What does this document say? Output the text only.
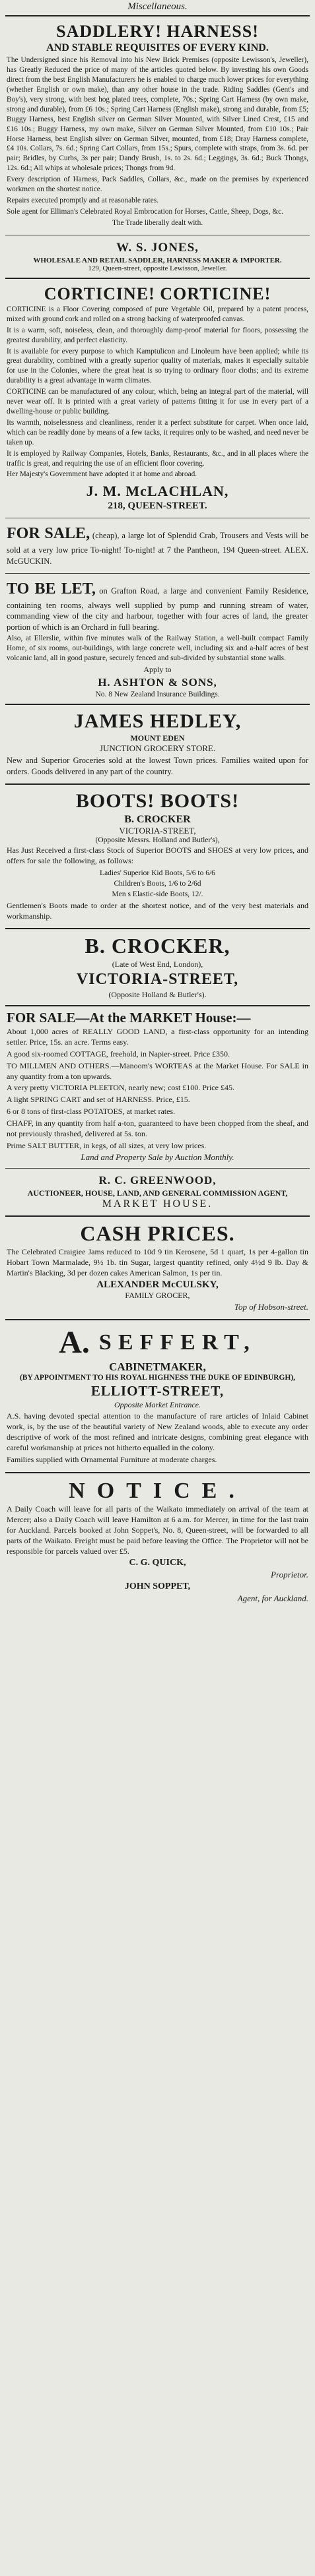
Miscellaneous.
SADDLERY! HARNESS!
AND STABLE REQUISITES OF EVERY KIND.

The Undersigned since his Removal into his New Brick Premises (opposite Lewisson's, Jeweller), has Greatly Reduced the price of many of the articles quoted below. By investing his own Goods direct from the best English Manufacturers he is enabled to charge much lower prices for everything (whether English or own make), than any other house in the trade. Riding Saddles (Gent's and Boy's), very strong, with best hog plated trees, complete, 70s.; Spring Cart Harness (by own make, strong and durable), from £6 10s.; Spring Cart Harness (English make), strong and durable, from £5; Buggy Harness, best English silver on German Silver Mounted, with Silver Lined Crest, £15 and £16 10s.; Buggy Harness, my own make, Silver on German Silver Mounted, from £10 10s.; Pair Horse Harness, best English silver on German Silver, mounted, from £18; Dray Harness complete, £4 10s. Collars, 7s. 6d.; Spring Cart Collars, from 15s.; Spurs, complete with straps, from 3s. 6d. per pair; Bridles, by Curbs, 3s per pair; Dandy Brush, 1s. to 2s. 6d.; Leggings, 3s. 6d.; Buck Thongs, 12s. 6d.; All whips at wholesale prices; Thongs from 9d.

Every description of Harness, Pack Saddles, Collars, &c., made on the premises by experienced workmen on the shortest notice.

Repairs executed promptly and at reasonable rates.

Sole agent for Elliman's Celebrated Royal Embrocation for Horses, Cattle, Sheep, Dogs, &c.

The Trade liberally dealt with.

W. S. JONES,
WHOLESALE AND RETAIL SADDLER, HARNESS MAKER & IMPORTER.
129, Queen-street, opposite Lewisson, Jeweller.
CORTICINE! CORTICINE!

CORTICINE is a Floor Covering composed of pure Vegetable Oil, prepared by a patent process, mixed with ground cork and rolled on a strong backing of waterproofed canvas.

It is a warm, soft, noiseless, clean, and thoroughly damp-proof material for floors, possessing the greatest durability, and perfect elasticity.

It is available for every purpose to which Kamptulicon and Linoleum have been applied; while its great durability, combined with a greatly superior quality of materials, makes it especially suitable for use in the Colonies, where the great heat is so trying to ordinary floor cloths; and its extreme durability is a great advantage in warm climates.

CORTICINE can be manufactured of any colour, which, being an integral part of the material, will never wear off. It is printed with a great variety of patterns fitting it for use in every part of a dwelling-house or public building.

Its warmth, noiselessness and cleanliness, render it a perfect substitute for carpet. When once laid, which can be readily done by means of a few tacks, it requires only to be washed, and need never be taken up.

It is employed by Railway Companies, Hotels, Banks, Restaurants, &c., and in all places where the traffic is great, and requiring the use of an efficient floor covering.

Her Majesty's Government have adopted it at home and abroad.

J. M. McLACHLAN,
218, QUEEN-STREET.

FOR SALE, (cheap), a large lot of Splendid Crab, Trousers and Vests will be sold at a very low price To-night! To-night! at 7 the Pantheon, 194 Queen-street. ALEX. McGUCKIN.

TO BE LET, on Grafton Road, a large and convenient Family Residence, containing ten rooms, always well supplied by pump and running stream of water, commanding view of the city and harbour, together with four acres of land, the greater portion of which is an Orchard in full bearing.

Also, at Ellerslie, within five minutes walk of the Railway Station, a well-built compact Family Home, of six rooms, out-buildings, with large concrete well, including six and a-half acres of best volcanic land, all in good pasture, securely fenced and sub-divided by substantial stone walls.

Apply to
H. ASHTON & SONS,
No. 8 New Zealand Insurance Buildings.
JAMES HEDLEY,
MOUNT EDEN
JUNCTION GROCERY STORE.

New and Superior Groceries sold at the lowest Town prices. Families waited upon for orders. Goods delivered in any part of the country.

BOOTS! BOOTS!
B. CROCKER
VICTORIA-STREET,
(Opposite Messrs. Holland and Butler's),

Has Just Received a first-class Stock of Superior BOOTS and SHOES at very low prices, and offers for sale the following, as follows:

Ladies' Superior Kid Boots, 5/6 to 6/6
Children's Boots, 1/6 to 2/6d
Men s Elastic-side Boots, 12/.

Gentlemen's Boots made to order at the shortest notice, and of the very best materials and workmanship.

B. CROCKER,
(Late of West End, London),
VICTORIA-STREET,
(Opposite Holland & Butler's).
FOR SALE—At the MARKET House:—

About 1,000 acres of REALLY GOOD LAND, a first-class opportunity for an intending settler. Price, 15s. an acre. Terms easy.

A good six-roomed COTTAGE, freehold, in Napier-street. Price £350.

TO MILLMEN AND OTHERS.—Manoom's WORTEAS at the Market House. For SALE in any quantity from a ton upwards.

A very pretty VICTORIA PLEETON, nearly new; cost £100. Price £45.

A light SPRING CART and set of HARNESS. Price, £15.

6 or 8 tons of first-class POTATOES, at market rates.

CHAFF, in any quantity from half a-ton, guaranteed to have been chopped from the sheaf, and not previously thrashed, delivered at 5s. ton.

Prime SALT BUTTER, in kegs, of all sizes, at very low prices.

Land and Property Sale by Auction Monthly.
R. C. GREENWOOD,
AUCTIONEER, HOUSE, LAND, AND GENERAL COMMISSION AGENT,
MARKET HOUSE.
CASH PRICES.

The Celebrated Craigiee Jams reduced to 10d 9 tin Kerosene, 5d 1 quart, 1s per 4-gallon tin Hobart Town Marmalade, 9½ 1b. tin Sugar, largest quantity refined, only 4½d 9 lb. Day & Martin's Blacking, 3d per dozen cakes American Salmon, 1s per tin.

ALEXANDER McCULSKY,
FAMILY GROCER,
Top of Hobson-street.
A. SEFFERT,
CABINETMAKER,
(BY APPOINTMENT TO HIS ROYAL HIGHNESS THE DUKE OF EDINBURGH),
ELLIOTT-STREET,
Opposite Market Entrance.

A.S. having devoted special attention to the manufacture of rare articles of Inlaid Cabinet work, is, by the use of the beautiful variety of New Zealand woods, able to execute any order descriptive of work of the most refined and intricate designs, combining great elegance with careful workmanship at prices not hitherto equalled in the colony.

Families supplied with Ornamental Furniture at moderate charges.

NOTICE.

A Daily Coach will leave for all parts of the Waikato immediately on arrival of the team at Mercer; also a Daily Coach will leave Hamilton at 6 a.m. for Mercer, in time for the last train for Auckland. Parcels booked at John Soppet's, No. 8, Queen-street, will be forwarded to all parts of the Waikato. Freight must be paid before leaving the Office. The Proprietor will not be responsible for parcels valued over £5.

C. G. QUICK,
Proprietor.
JOHN SOPPET,
Agent, for Auckland.
